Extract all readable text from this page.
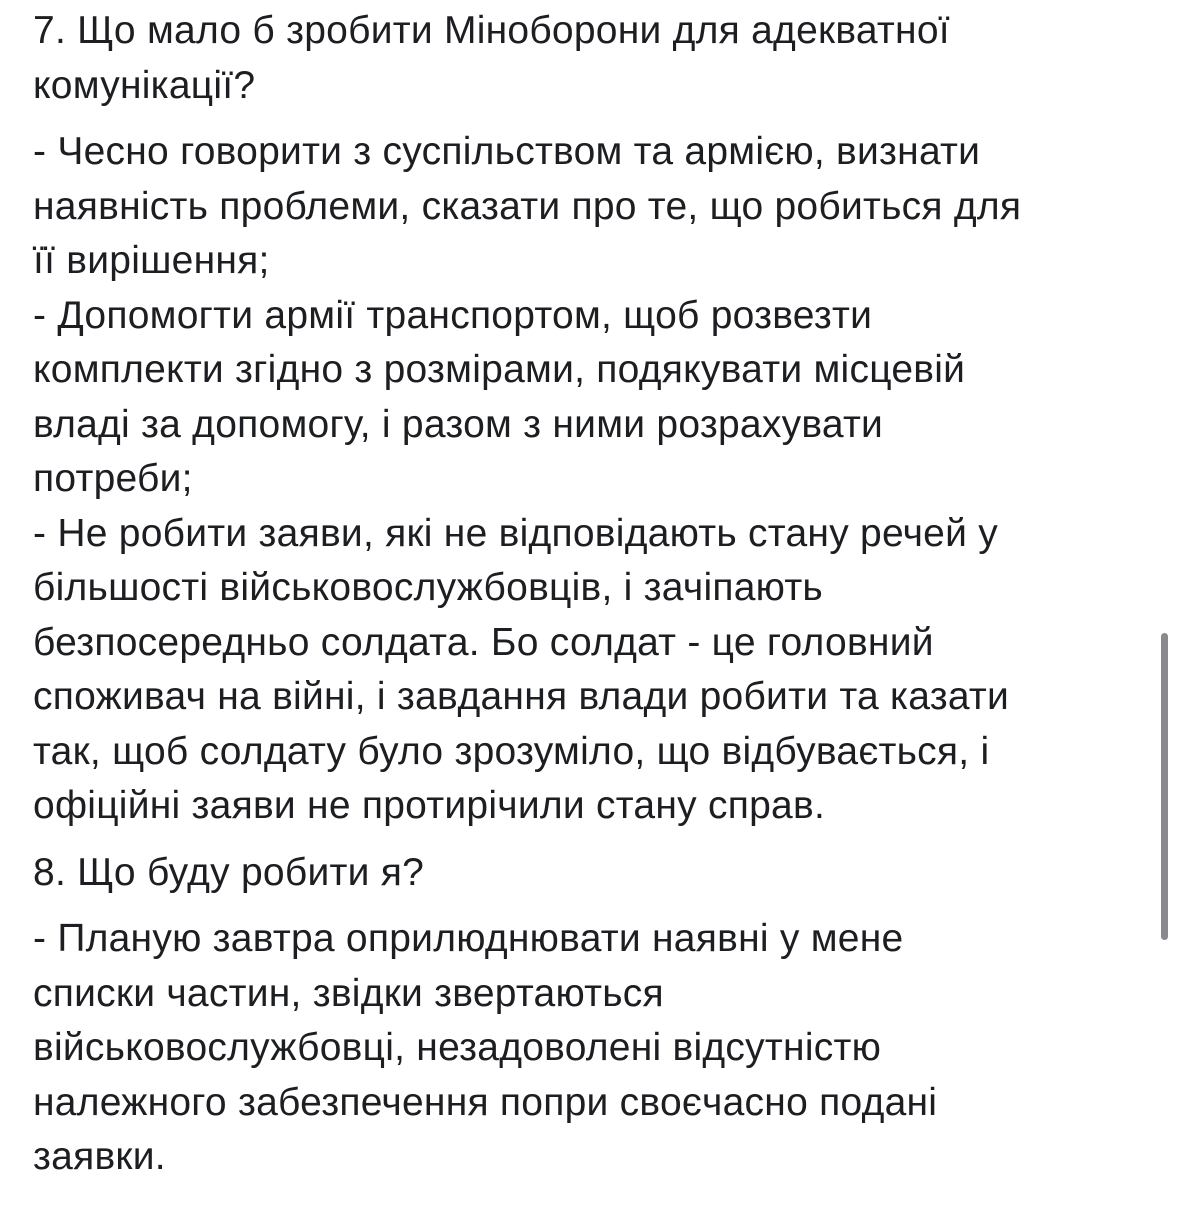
7. Що мало б зробити Міноборони для адекватної
комунікації?

- Чесно говорити з суспільством та армією, визнати
наявність проблеми, сказати про те, що робиться для
її вирішення;
- Допомогти армії транспортом, щоб розвезти
комплекти згідно з розмірами, подякувати місцевій
владі за допомогу, і разом з ними розрахувати
потреби;
- Не робити заяви, які не відповідають стану речей у
більшості військовослужбовців, і зачіпають
безпосередньо солдата. Бо солдат - це головний
споживач на війні, і завдання влади робити та казати
так, щоб солдату було зрозуміло, що відбувається, і
офіційні заяви не протирічили стану справ.

8. Що буду робити я?

- Планую завтра оприлюднювати наявні у мене
списки частин, звідки звертаються
військовослужбовці, незадоволені відсутністю
належного забезпечення попри своєчасно подані
заявки.
